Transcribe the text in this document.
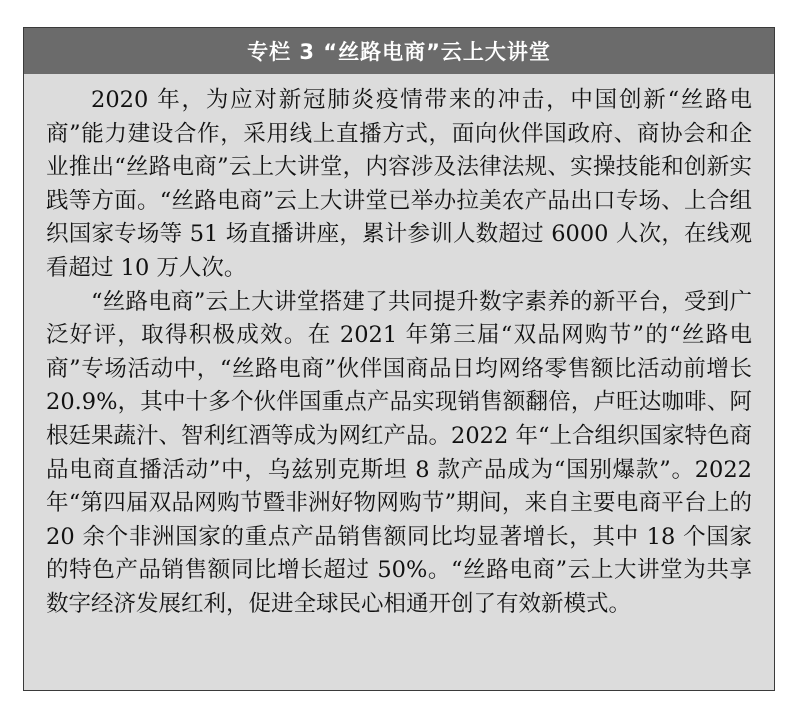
专栏 3 “丝路电商”云上大讲堂

2020 年，为应对新冠肺炎疫情带来的冲击，中国创新“丝路电商”能力建设合作，采用线上直播方式，面向伙伴国政府、商协会和企业推出“丝路电商”云上大讲堂，内容涉及法律法规、实操技能和创新实践等方面。“丝路电商”云上大讲堂已举办拉美农产品出口专场、上合组织国家专场等 51 场直播讲座，累计参训人数超过 6000 人次，在线观看超过 10 万人次。

“丝路电商”云上大讲堂搭建了共同提升数字素养的新平台，受到广泛好评，取得积极成效。在 2021 年第三届“双品网购节”的“丝路电商”专场活动中，“丝路电商”伙伴国商品日均网络零售额比活动前增长 20.9%，其中十多个伙伴国重点产品实现销售额翻倍，卢旺达咖啡、阿根廷果蔬汁、智利红酒等成为网红产品。2022 年“上合组织国家特色商品电商直播活动”中，乌兹别克斯坦 8 款产品成为“国别爆款”。2022 年“第四届双品网购节暨非洲好物网购节”期间，来自主要电商平台上的 20 余个非洲国家的重点产品销售额同比均显著增长，其中 18 个国家的特色产品销售额同比增长超过 50%。“丝路电商”云上大讲堂为共享数字经济发展红利，促进全球民心相通开创了有效新模式。
